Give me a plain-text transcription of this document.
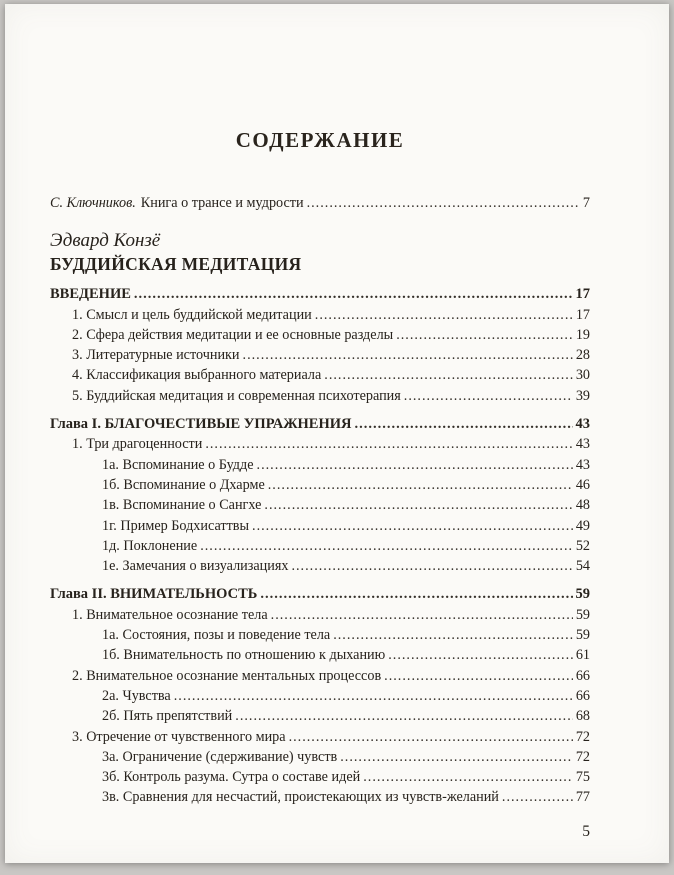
СОДЕРЖАНИЕ
С. Ключников. Книга о трансе и мудрости .....	7
Эдвард Конзё
БУДДИЙСКАЯ МЕДИТАЦИЯ
ВВЕДЕНИЕ .....	17
1. Смысл и цель буддийской медитации .....	17
2. Сфера действия медитации и ее основные разделы .....	19
3. Литературные источники .....	28
4. Классификация выбранного материала .....	30
5. Буддийская медитация и современная психотерапия .....	39
Глава I. БЛАГОЧЕСТИВЫЕ УПРАЖНЕНИЯ .....	43
1. Три драгоценности .....	43
1а. Вспоминание о Будде .....	43
1б. Вспоминание о Дхарме .....	46
1в. Вспоминание о Сангхе .....	48
1г. Пример Бодхисаттвы .....	49
1д. Поклонение .....	52
1е. Замечания о визуализациях .....	54
Глава II. ВНИМАТЕЛЬНОСТЬ .....	59
1. Внимательное осознание тела .....	59
1а. Состояния, позы и поведение тела .....	59
1б. Внимательность по отношению к дыханию .....	61
2. Внимательное осознание ментальных процессов .....	66
2а. Чувства .....	66
2б. Пять препятствий .....	68
3. Отречение от чувственного мира .....	72
3а. Ограничение (сдерживание) чувств .....	72
3б. Контроль разума. Сутра о составе идей .....	75
3в. Сравнения для несчастий, проистекающих из чувств-желаний .....	77
5
